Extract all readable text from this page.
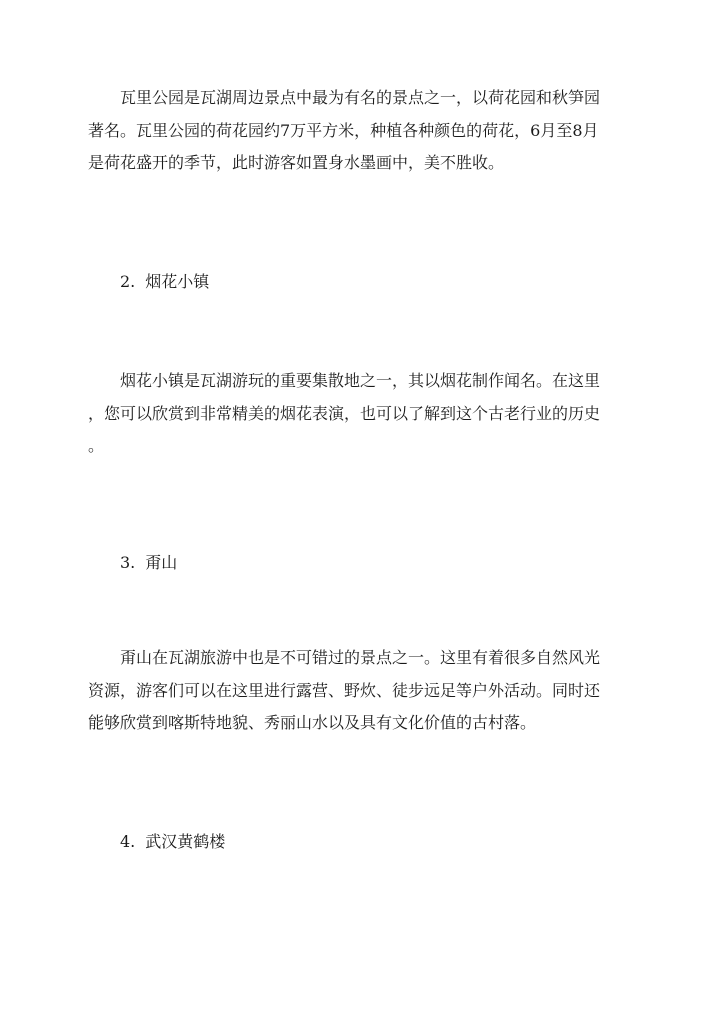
瓦里公园是瓦湖周边景点中最为有名的景点之一，以荷花园和秋笋园
著名。瓦里公园的荷花园约7万平方米，种植各种颜色的荷花，6月至8月
是荷花盛开的季节，此时游客如置身水墨画中，美不胜收。
2. 烟花小镇
烟花小镇是瓦湖游玩的重要集散地之一，其以烟花制作闻名。在这里
，您可以欣赏到非常精美的烟花表演，也可以了解到这个古老行业的历史
。
3. 甭山
甭山在瓦湖旅游中也是不可错过的景点之一。这里有着很多自然风光
资源，游客们可以在这里进行露营、野炊、徒步远足等户外活动。同时还
能够欣赏到喀斯特地貌、秀丽山水以及具有文化价值的古村落。
4. 武汉黄鹤楼
